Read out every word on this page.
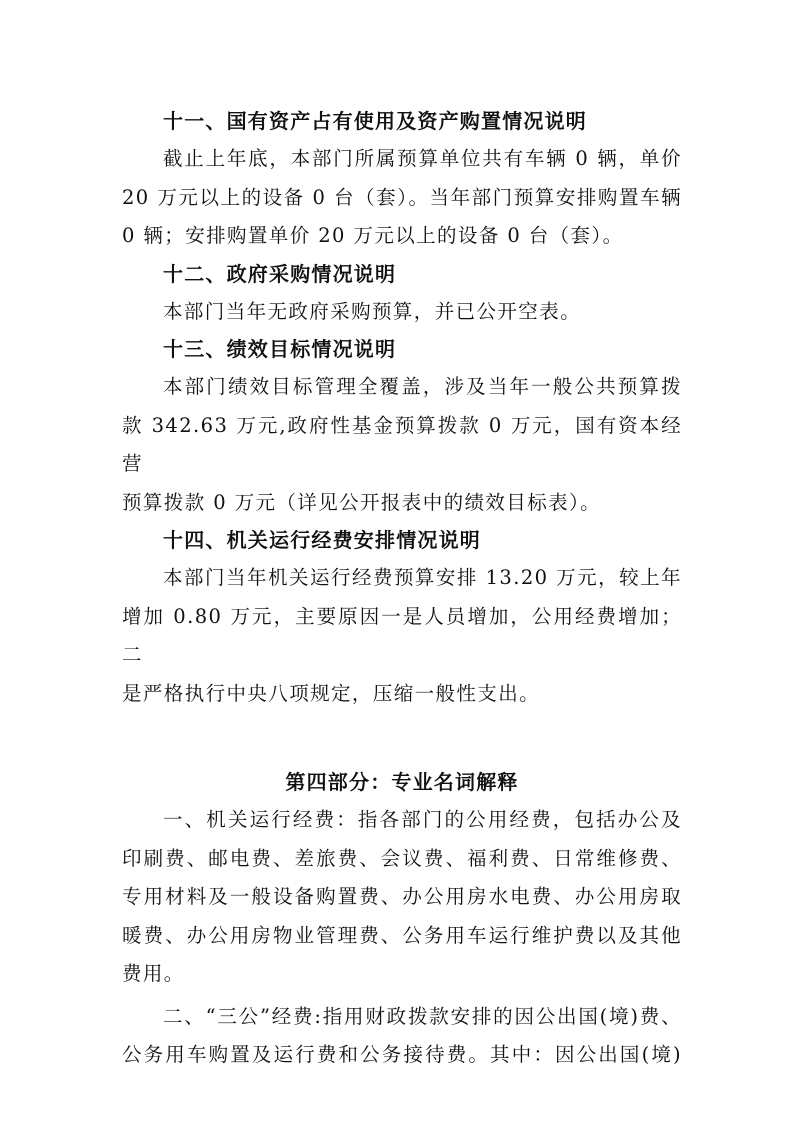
十一、国有资产占有使用及资产购置情况说明
截止上年底，本部门所属预算单位共有车辆 0 辆，单价
20 万元以上的设备 0 台（套）。当年部门预算安排购置车辆
0 辆；安排购置单价 20 万元以上的设备 0 台（套）。
十二、政府采购情况说明
本部门当年无政府采购预算，并已公开空表。
十三、绩效目标情况说明
本部门绩效目标管理全覆盖，涉及当年一般公共预算拨
款 342.63 万元,政府性基金预算拨款 0 万元，国有资本经营
预算拨款 0 万元（详见公开报表中的绩效目标表）。
十四、机关运行经费安排情况说明
本部门当年机关运行经费预算安排 13.20 万元，较上年
增加 0.80 万元，主要原因一是人员增加，公用经费增加；二
是严格执行中央八项规定，压缩一般性支出。
第四部分：专业名词解释
一、机关运行经费：指各部门的公用经费，包括办公及
印刷费、邮电费、差旅费、会议费、福利费、日常维修费、
专用材料及一般设备购置费、办公用房水电费、办公用房取
暖费、办公用房物业管理费、公务用车运行维护费以及其他
费用。
二、“三公”经费:指用财政拨款安排的因公出国(境)费、
公务用车购置及运行费和公务接待费。其中：因公出国(境)
